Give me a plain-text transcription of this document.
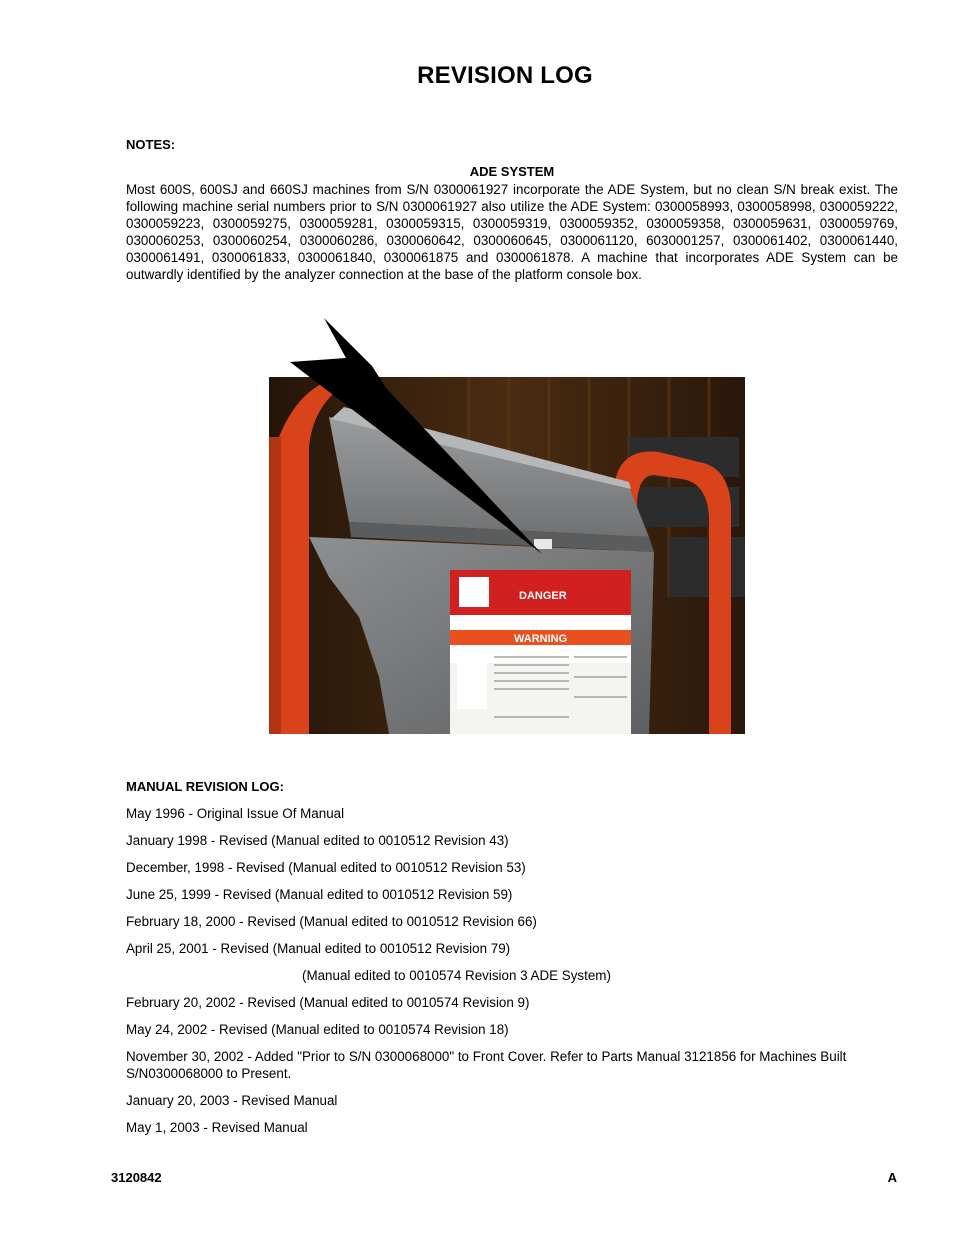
REVISION LOG
NOTES:
ADE SYSTEM

Most 600S, 600SJ and 660SJ machines from S/N 0300061927 incorporate the ADE System, but no clean S/N break exist. The following machine serial numbers prior to S/N 0300061927 also utilize the ADE System: 0300058993, 0300058998, 0300059222, 0300059223, 0300059275, 0300059281, 0300059315, 0300059319, 0300059352, 0300059358, 0300059631, 0300059769, 0300060253, 0300060254, 0300060286, 0300060642, 0300060645, 0300061120, 6030001257, 0300061402, 0300061440, 0300061491, 0300061833, 0300061840, 0300061875 and 0300061878. A machine that incorporates ADE System can be outwardly identified by the analyzer connection at the base of the platform console box.

DANGER
WARNING
MANUAL REVISION LOG:
May 1996 - Original Issue Of Manual
January 1998 - Revised (Manual edited to 0010512 Revision 43)
December, 1998 - Revised (Manual edited to 0010512 Revision 53)
June 25, 1999 - Revised (Manual edited to 0010512 Revision 59)
February 18, 2000 - Revised (Manual edited to 0010512 Revision 66)
April 25, 2001 - Revised (Manual edited to 0010512 Revision 79)
(Manual edited to 0010574 Revision 3 ADE System)
February 20, 2002 - Revised (Manual edited to 0010574 Revision 9)
May 24, 2002 - Revised (Manual edited to 0010574 Revision 18)
November 30, 2002 - Added "Prior to S/N 0300068000" to Front Cover. Refer to Parts Manual 3121856 for Machines Built S/N0300068000 to Present.
January 20, 2003 - Revised Manual
May 1, 2003 - Revised Manual
3120842	A
